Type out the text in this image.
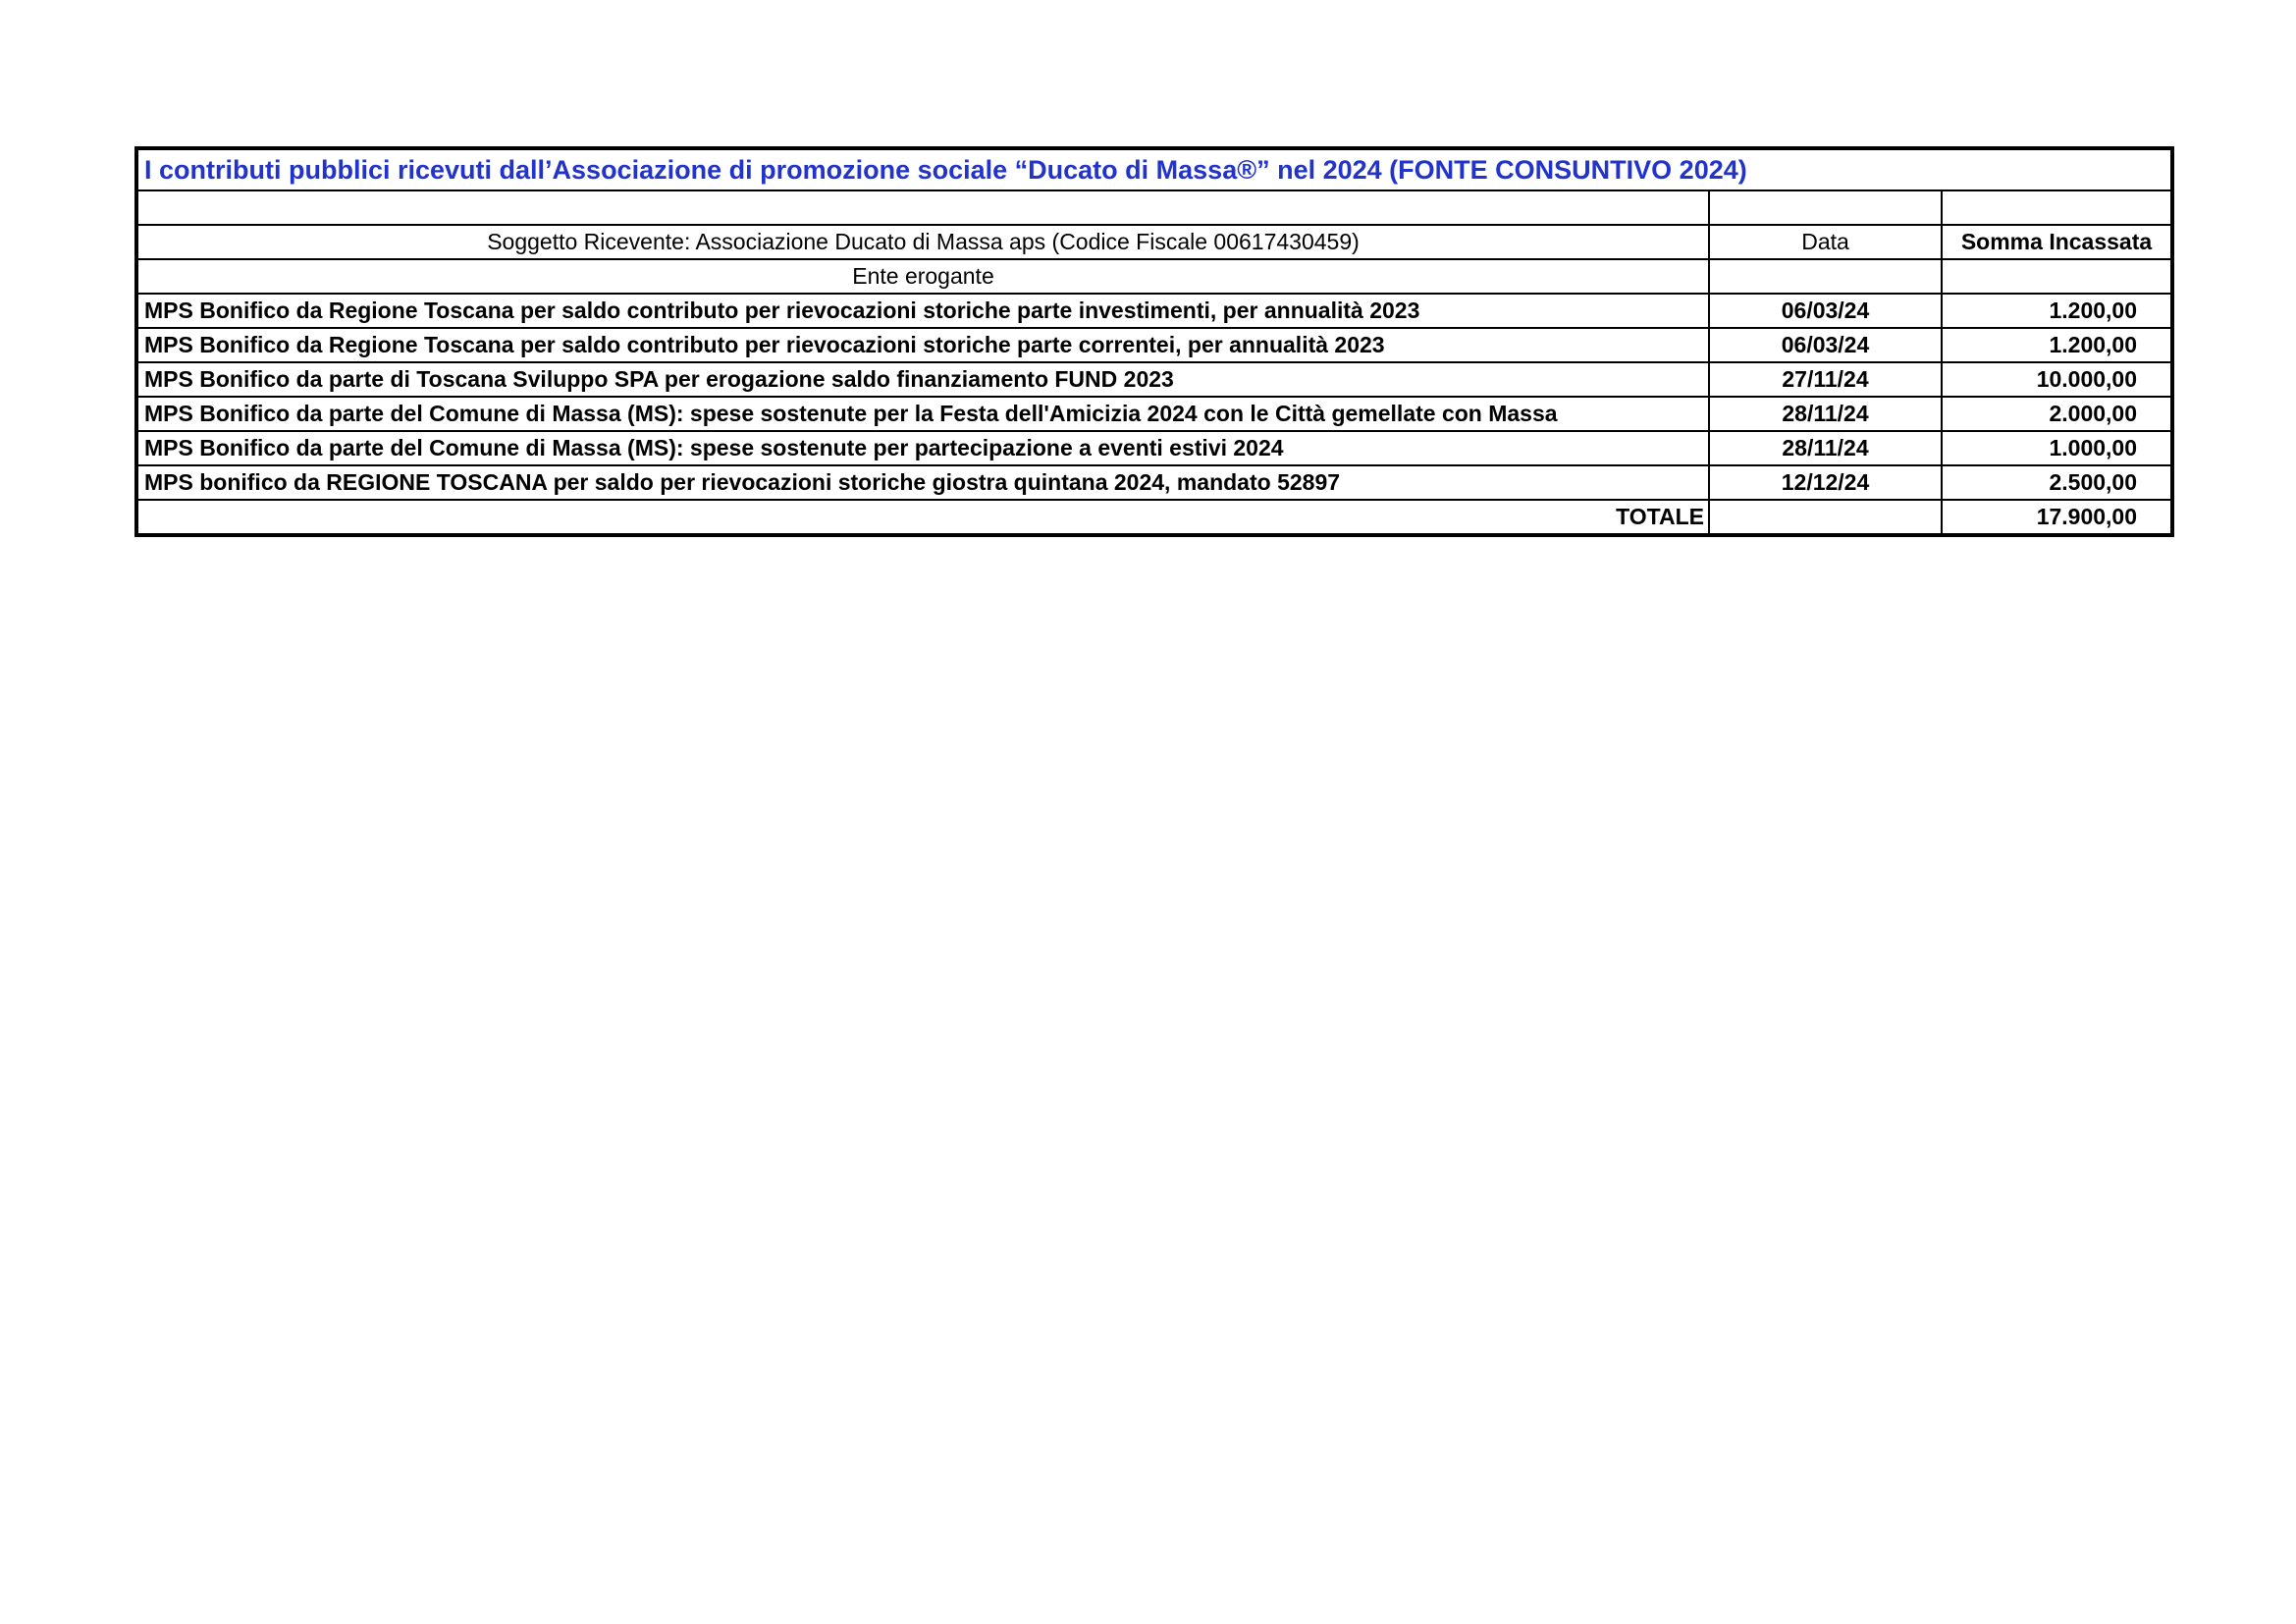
I contributi pubblici ricevuti dall’Associazione di promozione sociale “Ducato di Massa®” nel 2024 (FONTE CONSUNTIVO 2024)		

Soggetto Ricevente: Associazione Ducato di Massa aps (Codice Fiscale 00617430459)	Data	Somma Incassata
Ente erogante		
MPS Bonifico da Regione Toscana per saldo contributo per rievocazioni storiche parte investimenti, per annualità 2023	06/03/24	1.200,00
MPS Bonifico da Regione Toscana per saldo contributo per rievocazioni storiche parte correntei, per annualità 2023	06/03/24	1.200,00
MPS Bonifico da parte di Toscana Sviluppo SPA per erogazione saldo finanziamento FUND 2023	27/11/24	10.000,00
MPS Bonifico da parte del Comune di Massa (MS): spese sostenute per la Festa dell'Amicizia 2024 con le Città gemellate con Massa	28/11/24	2.000,00
MPS Bonifico da parte del Comune di Massa (MS): spese sostenute per partecipazione a eventi estivi 2024	28/11/24	1.000,00
MPS bonifico da REGIONE TOSCANA per saldo per rievocazioni storiche giostra quintana 2024, mandato 52897	12/12/24	2.500,00
TOTALE		17.900,00
